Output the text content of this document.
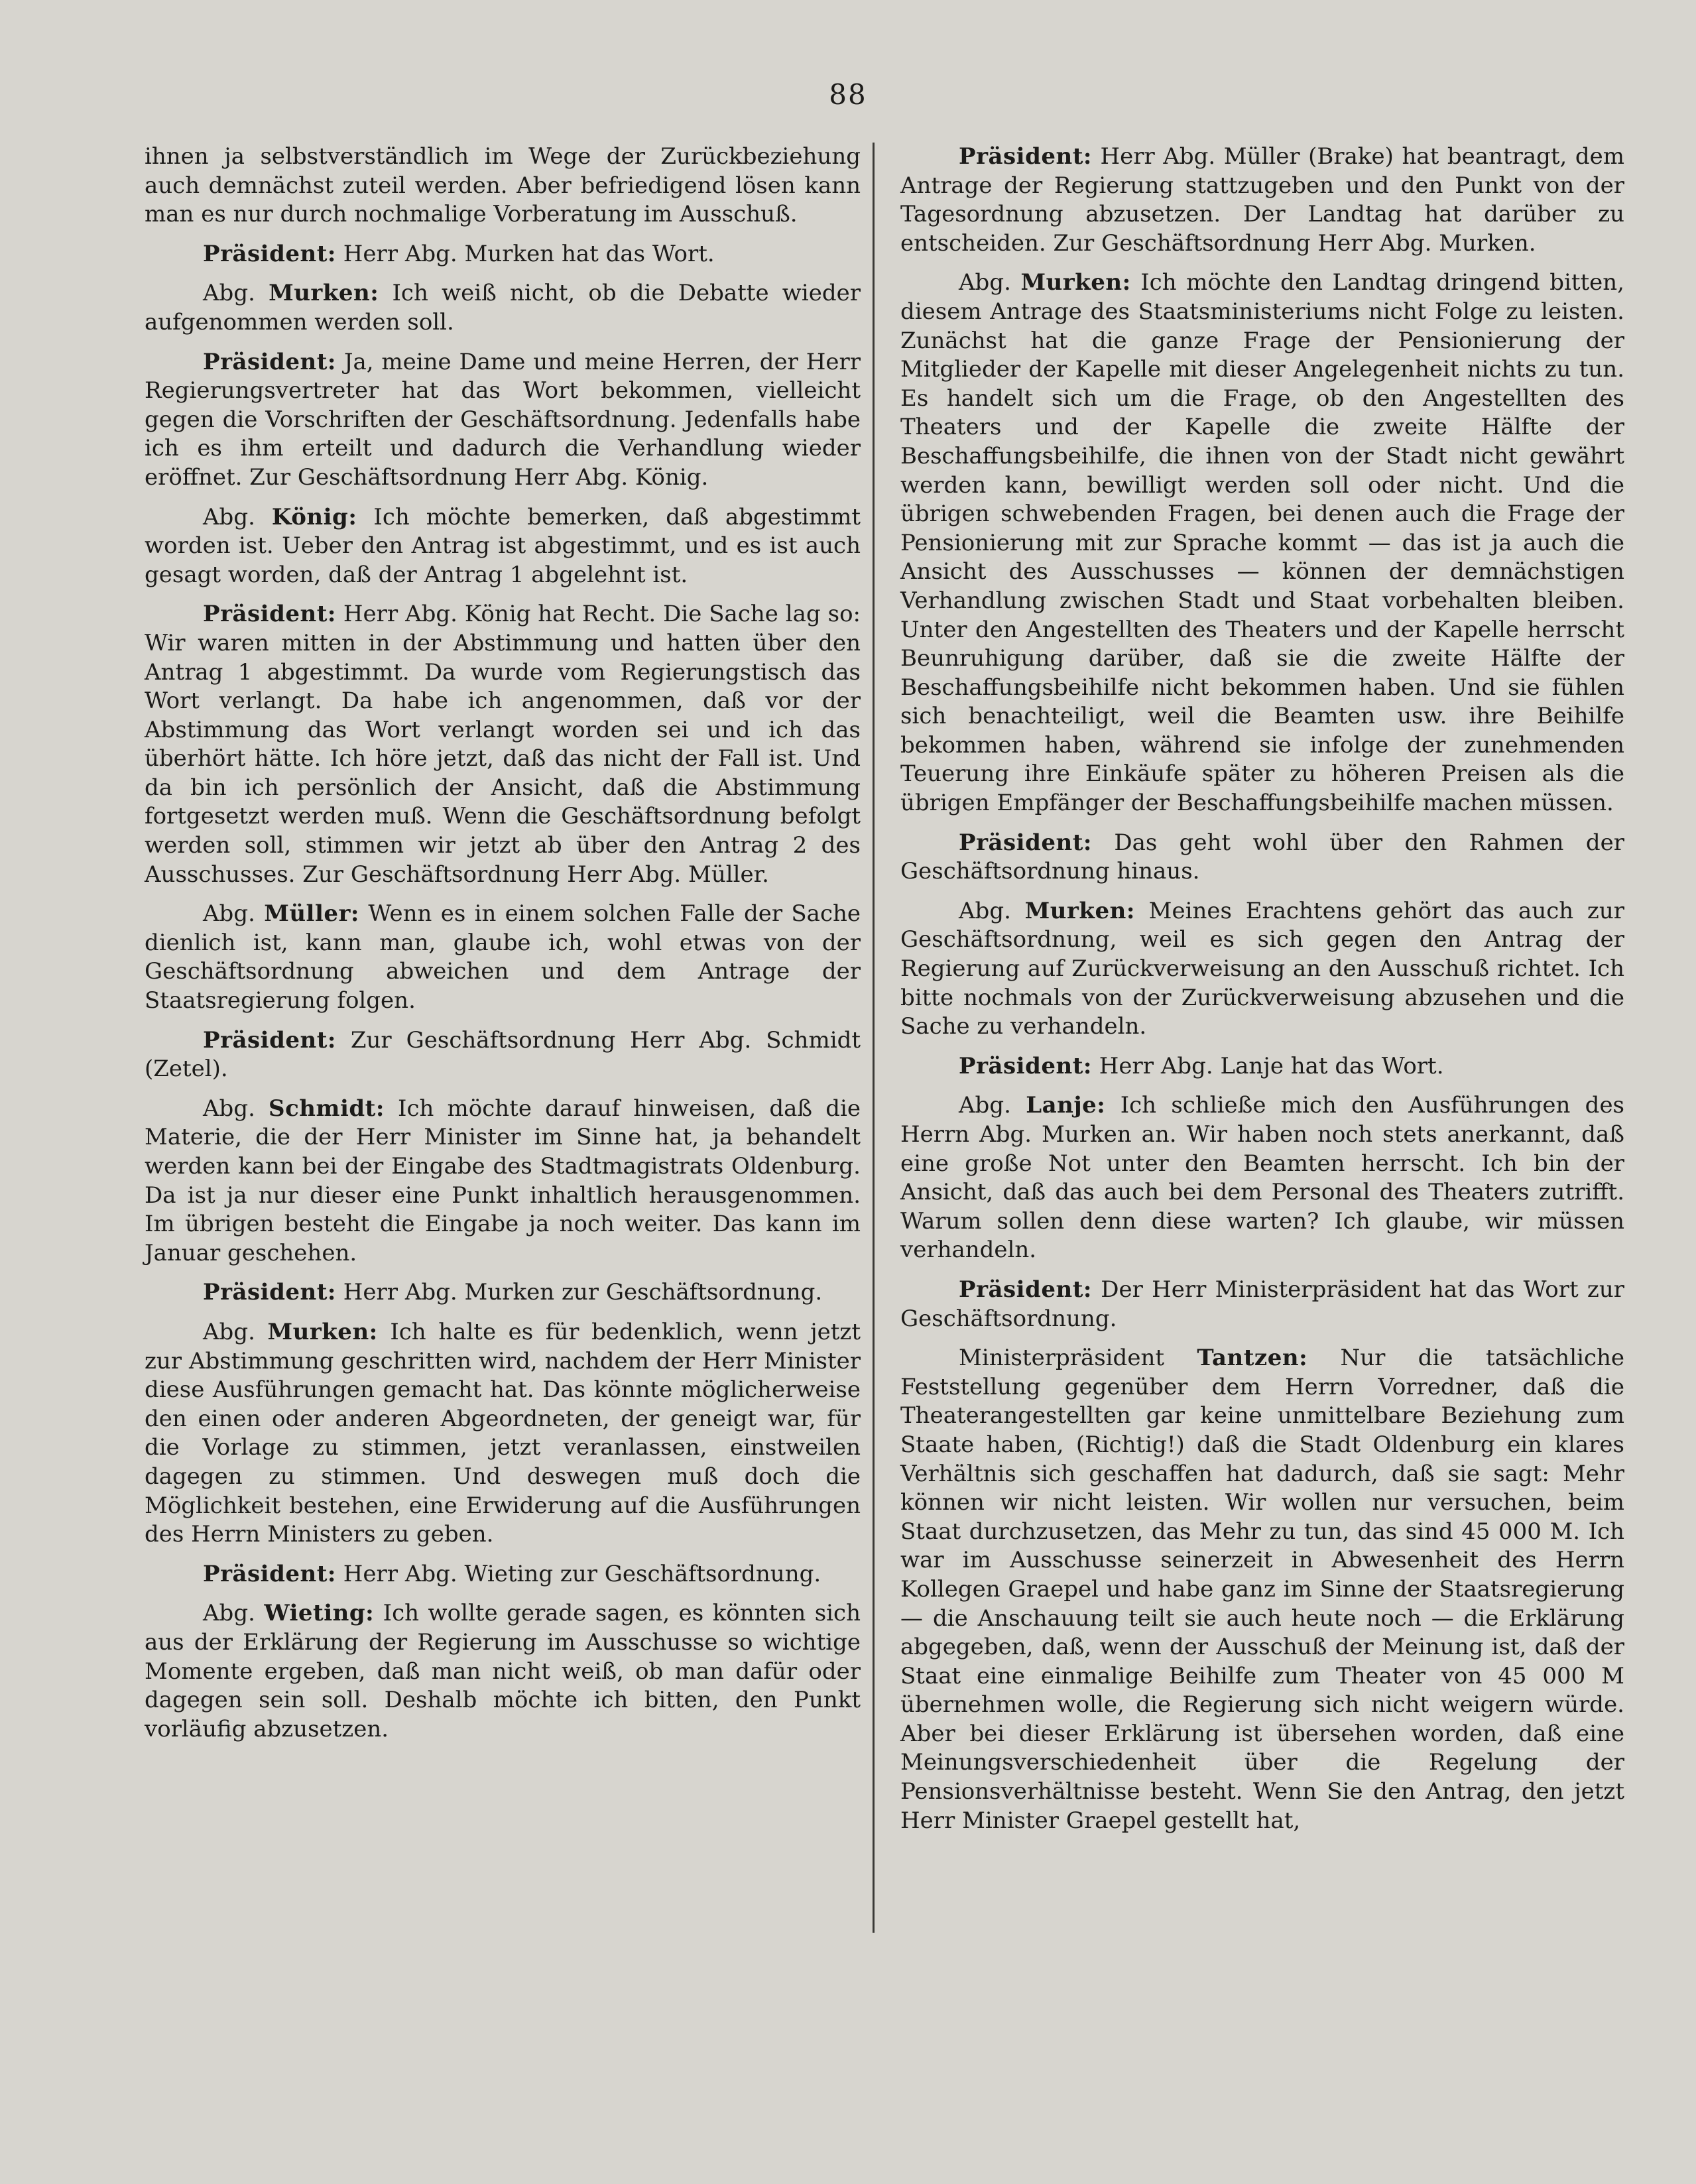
88

ihnen ja selbstverständlich im Wege der Zurückbeziehung auch demnächst zuteil werden. Aber befriedigend lösen kann man es nur durch nochmalige Vorberatung im Ausschuß.

Präsident: Herr Abg. Murken hat das Wort.

Abg. Murken: Ich weiß nicht, ob die Debatte wieder aufgenommen werden soll.

Präsident: Ja, meine Dame und meine Herren, der Herr Regierungsvertreter hat das Wort bekommen, vielleicht gegen die Vorschriften der Geschäftsordnung. Jedenfalls habe ich es ihm erteilt und dadurch die Verhandlung wieder eröffnet. Zur Geschäftsordnung Herr Abg. König.

Abg. König: Ich möchte bemerken, daß abgestimmt worden ist. Ueber den Antrag ist abgestimmt, und es ist auch gesagt worden, daß der Antrag 1 abgelehnt ist.

Präsident: Herr Abg. König hat Recht. Die Sache lag so: Wir waren mitten in der Abstimmung und hatten über den Antrag 1 abgestimmt. Da wurde vom Regierungstisch das Wort verlangt. Da habe ich angenommen, daß vor der Abstimmung das Wort verlangt worden sei und ich das überhört hätte. Ich höre jetzt, daß das nicht der Fall ist. Und da bin ich persönlich der Ansicht, daß die Abstimmung fortgesetzt werden muß. Wenn die Geschäftsordnung befolgt werden soll, stimmen wir jetzt ab über den Antrag 2 des Ausschusses. Zur Geschäftsordnung Herr Abg. Müller.

Abg. Müller: Wenn es in einem solchen Falle der Sache dienlich ist, kann man, glaube ich, wohl etwas von der Geschäftsordnung abweichen und dem Antrage der Staatsregierung folgen.

Präsident: Zur Geschäftsordnung Herr Abg. Schmidt (Zetel).

Abg. Schmidt: Ich möchte darauf hinweisen, daß die Materie, die der Herr Minister im Sinne hat, ja behandelt werden kann bei der Eingabe des Stadtmagistrats Oldenburg. Da ist ja nur dieser eine Punkt inhaltlich herausgenommen. Im übrigen besteht die Eingabe ja noch weiter. Das kann im Januar geschehen.

Präsident: Herr Abg. Murken zur Geschäftsordnung.

Abg. Murken: Ich halte es für bedenklich, wenn jetzt zur Abstimmung geschritten wird, nachdem der Herr Minister diese Ausführungen gemacht hat. Das könnte möglicherweise den einen oder anderen Abgeordneten, der geneigt war, für die Vorlage zu stimmen, jetzt veranlassen, einstweilen dagegen zu stimmen. Und deswegen muß doch die Möglichkeit bestehen, eine Erwiderung auf die Ausführungen des Herrn Ministers zu geben.

Präsident: Herr Abg. Wieting zur Geschäftsordnung.

Abg. Wieting: Ich wollte gerade sagen, es könnten sich aus der Erklärung der Regierung im Ausschusse so wichtige Momente ergeben, daß man nicht weiß, ob man dafür oder dagegen sein soll. Deshalb möchte ich bitten, den Punkt vorläufig abzusetzen.

Präsident: Herr Abg. Müller (Brake) hat beantragt, dem Antrage der Regierung stattzugeben und den Punkt von der Tagesordnung abzusetzen. Der Landtag hat darüber zu entscheiden. Zur Geschäftsordnung Herr Abg. Murken.

Abg. Murken: Ich möchte den Landtag dringend bitten, diesem Antrage des Staatsministeriums nicht Folge zu leisten. Zunächst hat die ganze Frage der Pensionierung der Mitglieder der Kapelle mit dieser Angelegenheit nichts zu tun. Es handelt sich um die Frage, ob den Angestellten des Theaters und der Kapelle die zweite Hälfte der Beschaffungsbeihilfe, die ihnen von der Stadt nicht gewährt werden kann, bewilligt werden soll oder nicht. Und die übrigen schwebenden Fragen, bei denen auch die Frage der Pensionierung mit zur Sprache kommt — das ist ja auch die Ansicht des Ausschusses — können der demnächstigen Verhandlung zwischen Stadt und Staat vorbehalten bleiben. Unter den Angestellten des Theaters und der Kapelle herrscht Beunruhigung darüber, daß sie die zweite Hälfte der Beschaffungsbeihilfe nicht bekommen haben. Und sie fühlen sich benachteiligt, weil die Beamten usw. ihre Beihilfe bekommen haben, während sie infolge der zunehmenden Teuerung ihre Einkäufe später zu höheren Preisen als die übrigen Empfänger der Beschaffungsbeihilfe machen müssen.

Präsident: Das geht wohl über den Rahmen der Geschäftsordnung hinaus.

Abg. Murken: Meines Erachtens gehört das auch zur Geschäftsordnung, weil es sich gegen den Antrag der Regierung auf Zurückverweisung an den Ausschuß richtet. Ich bitte nochmals von der Zurückverweisung abzusehen und die Sache zu verhandeln.

Präsident: Herr Abg. Lanje hat das Wort.

Abg. Lanje: Ich schließe mich den Ausführungen des Herrn Abg. Murken an. Wir haben noch stets anerkannt, daß eine große Not unter den Beamten herrscht. Ich bin der Ansicht, daß das auch bei dem Personal des Theaters zutrifft. Warum sollen denn diese warten? Ich glaube, wir müssen verhandeln.

Präsident: Der Herr Ministerpräsident hat das Wort zur Geschäftsordnung.

Ministerpräsident Tantzen: Nur die tatsächliche Feststellung gegenüber dem Herrn Vorredner, daß die Theaterangestellten gar keine unmittelbare Beziehung zum Staate haben, (Richtig!) daß die Stadt Oldenburg ein klares Verhältnis sich geschaffen hat dadurch, daß sie sagt: Mehr können wir nicht leisten. Wir wollen nur versuchen, beim Staat durchzusetzen, das Mehr zu tun, das sind 45 000 M. Ich war im Ausschusse seinerzeit in Abwesenheit des Herrn Kollegen Graepel und habe ganz im Sinne der Staatsregierung — die Anschauung teilt sie auch heute noch — die Erklärung abgegeben, daß, wenn der Ausschuß der Meinung ist, daß der Staat eine einmalige Beihilfe zum Theater von 45 000 M übernehmen wolle, die Regierung sich nicht weigern würde. Aber bei dieser Erklärung ist übersehen worden, daß eine Meinungsverschiedenheit über die Regelung der Pensionsverhältnisse besteht. Wenn Sie den Antrag, den jetzt Herr Minister Graepel gestellt hat,
